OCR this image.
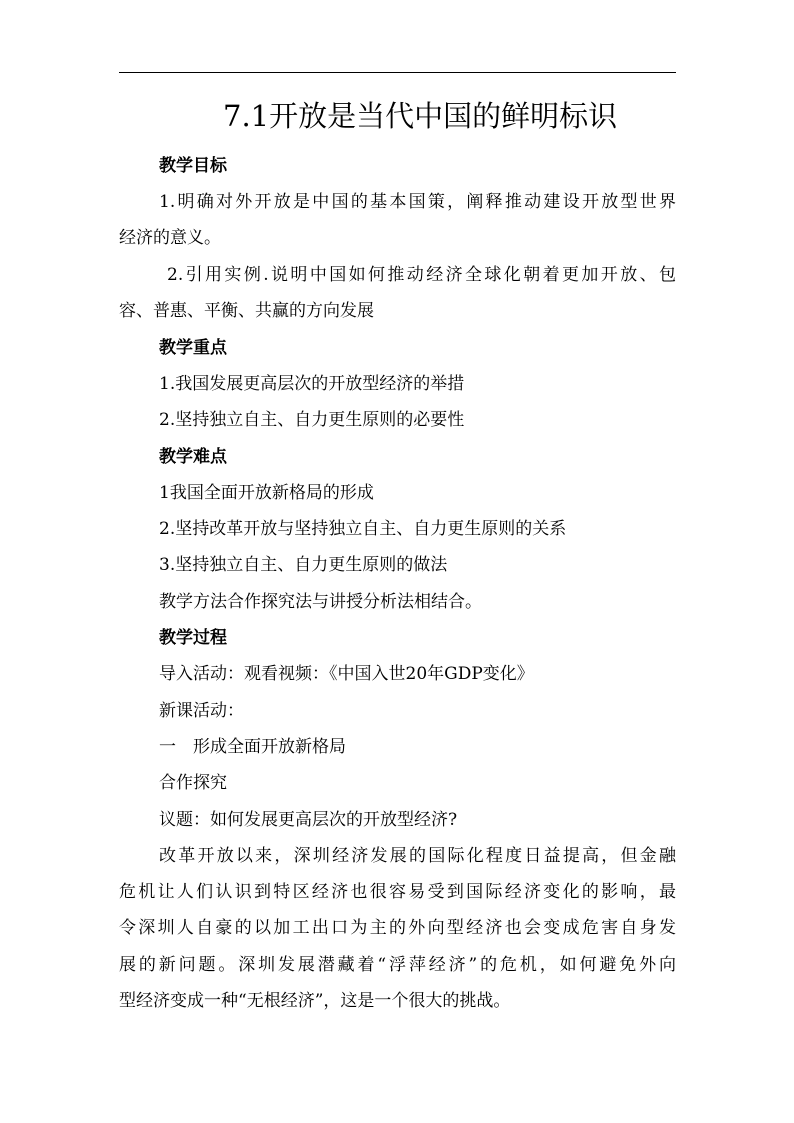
7.1开放是当代中国的鲜明标识
教学目标
1.明确对外开放是中国的基本国策，阐释推动建设开放型世界
经济的意义。
2.引用实例.说明中国如何推动经济全球化朝着更加开放、包
容、普惠、平衡、共赢的方向发展
教学重点
1.我国发展更高层次的开放型经济的举措
2.坚持独立自主、自力更生原则的必要性
教学难点
1我国全面开放新格局的形成
2.坚持改革开放与坚持独立自主、自力更生原则的关系
3.坚持独立自主、自力更生原则的做法
教学方法合作探究法与讲授分析法相结合。
教学过程
导入活动：观看视频：《中国入世20年GDP变化》
新课活动：
一　形成全面开放新格局
合作探究
议题：如何发展更高层次的开放型经济?
改革开放以来，深圳经济发展的国际化程度日益提高，但金融
危机让人们认识到特区经济也很容易受到国际经济变化的影响，最
令深圳人自豪的以加工出口为主的外向型经济也会变成危害自身发
展的新问题。深圳发展潜藏着“浮萍经济”的危机，如何避免外向
型经济变成一种“无根经济”，这是一个很大的挑战。
